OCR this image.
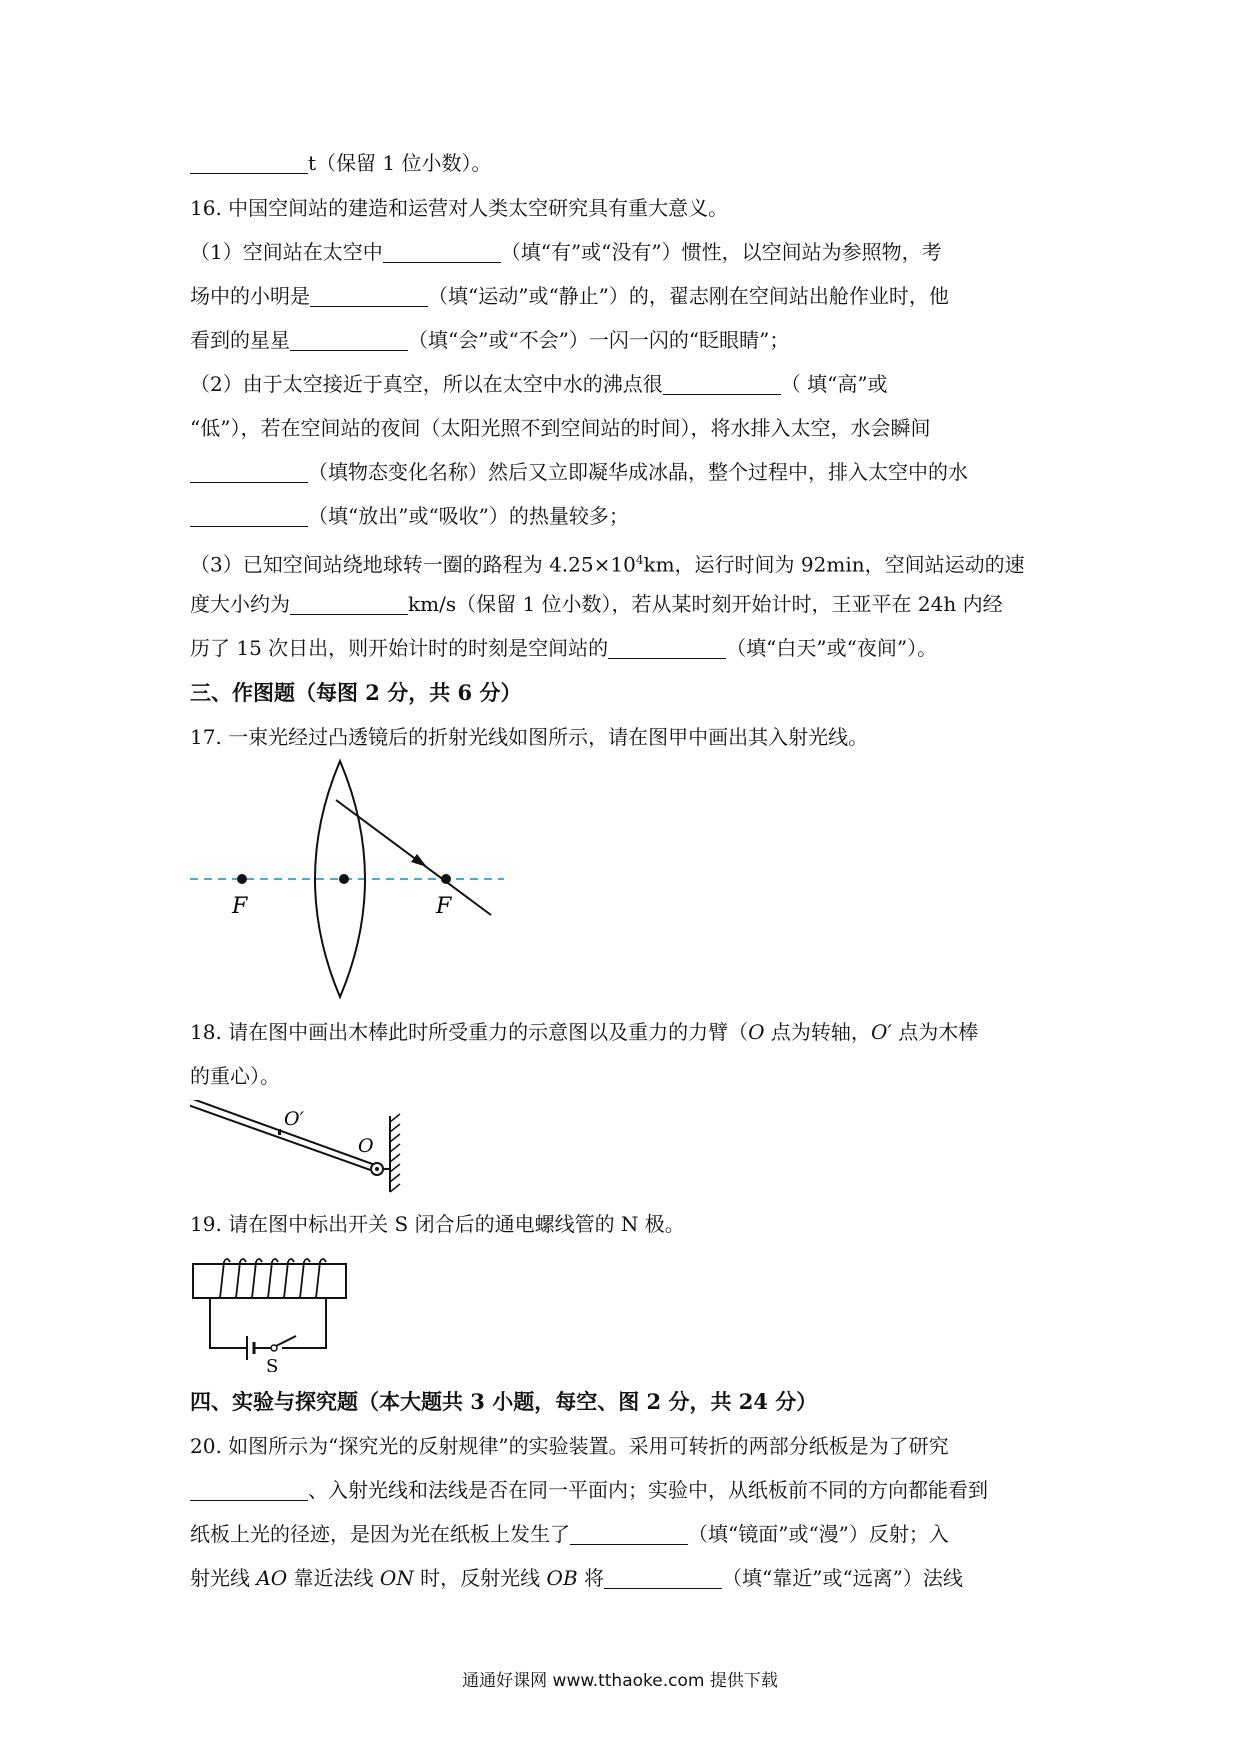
t（保留 1 位小数）。
16. 中国空间站的建造和运营对人类太空研究具有重大意义。
（1）空间站在太空中	（填“有”或“没有”）惯性，以空间站为参照物，考
场中的小明是	（填“运动”或“静止”）的，翟志刚在空间站出舱作业时，他
看到的星星	（填“会”或“不会”）一闪一闪的“眨眼睛”；
（2）由于太空接近于真空，所以在太空中水的沸点很	（ 填“高”或
“低”），若在空间站的夜间（太阳光照不到空间站的时间），将水排入太空，水会瞬间
（填物态变化名称）然后又立即凝华成冰晶，整个过程中，排入太空中的水
（填“放出”或“吸收”）的热量较多；
（3）已知空间站绕地球转一圈的路程为 $4.25\times 10^4km$，运行时间为 92min，空间站运动的速
度大小约为	km/s（保留 1 位小数），若从某时刻开始计时，王亚平在 24h 内经
历了 15 次日出，则开始计时的时刻是空间站的	（填“白天”或“夜间”）。
三、作图题（每图 2 分，共 6 分）
17. 一束光经过凸透镜后的折射光线如图所示，请在图甲中画出其入射光线。
F	F
18. 请在图中画出木棒此时所受重力的示意图以及重力的力臂（O 点为转轴，O′ 点为木棒
的重心）。
O′
O
19. 请在图中标出开关 S 闭合后的通电螺线管的 N 极。
S
四、实验与探究题（本大题共 3 小题，每空、图 2 分，共 24 分）
20. 如图所示为“探究光的反射规律”的实验装置。采用可转折的两部分纸板是为了研究
、入射光线和法线是否在同一平面内；实验中，从纸板前不同的方向都能看到
纸板上光的径迹，是因为光在纸板上发生了	（填“镜面”或“漫”）反射；入
射光线 AO 靠近法线 ON 时，反射光线 OB 将	（填“靠近”或“远离”）法线
通通好课网 www.tthaoke.com 提供下载
